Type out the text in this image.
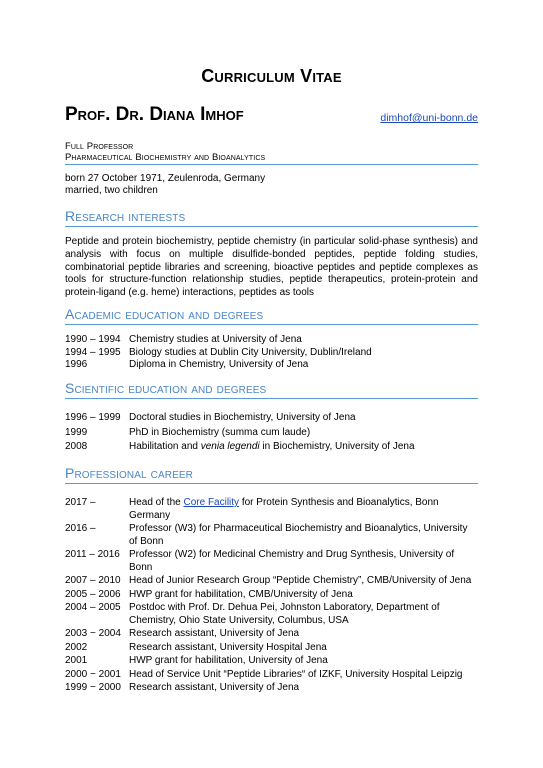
Curriculum Vitae
Prof. Dr. Diana Imhof	dimhof@uni-bonn.de
Full Professor
Pharmaceutical Biochemistry and Bioanalytics
born 27 October 1971, Zeulenroda, Germany
married, two children
Research interests
Peptide and protein biochemistry, peptide chemistry (in particular solid-phase synthesis) and analysis with focus on multiple disulfide-bonded peptides, peptide folding studies, combinatorial peptide libraries and screening, bioactive peptides and peptide complexes as tools for structure-function relationship studies, peptide therapeutics, protein-protein and protein-ligand (e.g. heme) interactions, peptides as tools
Academic education and degrees
1990 – 1994 Chemistry studies at University of Jena
1994 – 1995 Biology studies at Dublin City University, Dublin/Ireland
1996	Diploma in Chemistry, University of Jena
Scientific education and degrees
1996 – 1999 Doctoral studies in Biochemistry, University of Jena
1999	PhD in Biochemistry (summa cum laude)
2008	Habilitation and venia legendi in Biochemistry, University of Jena
Professional career
2017 –	Head of the Core Facility for Protein Synthesis and Bioanalytics, Bonn Germany
2016 –	Professor (W3) for Pharmaceutical Biochemistry and Bioanalytics, University of Bonn
2011 – 2016 Professor (W2) for Medicinal Chemistry and Drug Synthesis, University of Bonn
2007 – 2010 Head of Junior Research Group “Peptide Chemistry”, CMB/University of Jena
2005 – 2006 HWP grant for habilitation, CMB/University of Jena
2004 – 2005 Postdoc with Prof. Dr. Dehua Pei, Johnston Laboratory, Department of Chemistry, Ohio State University, Columbus, USA
2003 − 2004 Research assistant, University of Jena
2002	Research assistant, University Hospital Jena
2001	HWP grant for habilitation, University of Jena
2000 − 2001 Head of Service Unit “Peptide Libraries“ of IZKF, University Hospital Leipzig
1999 − 2000 Research assistant, University of Jena
